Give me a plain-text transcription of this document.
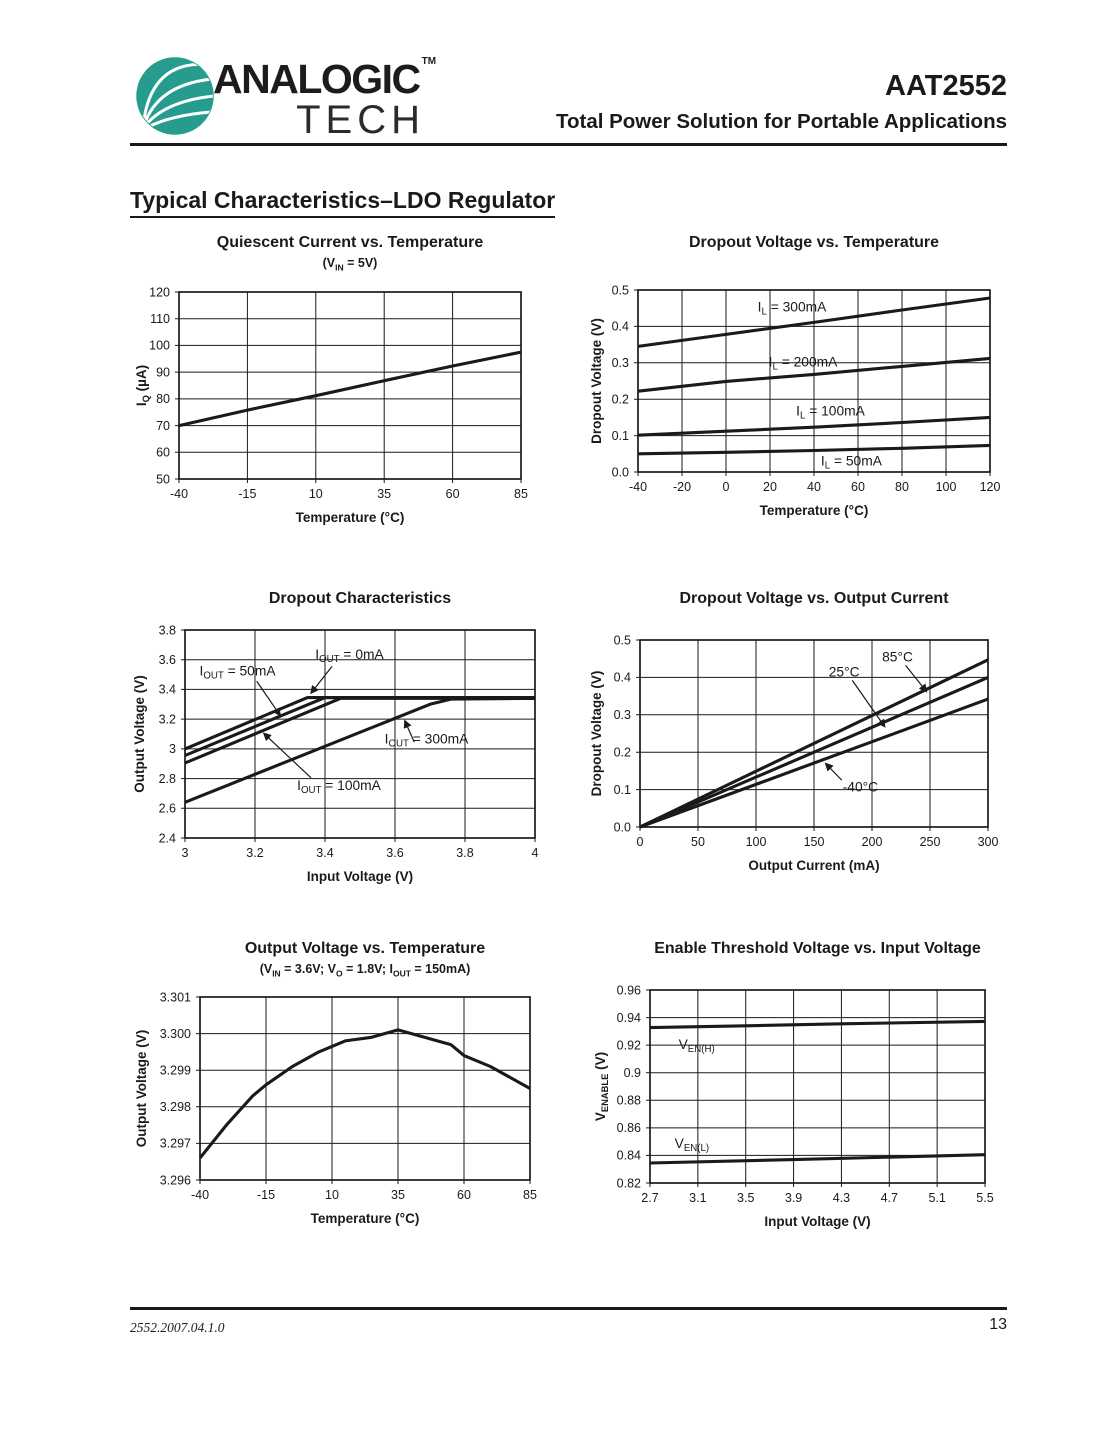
ANALOGIC ™
TECH
AAT2552
Total Power Solution for Portable Applications
Typical Characteristics–LDO Regulator
Quiescent Current vs. Temperature
$(V_{IN} = 5V)$
-40	-15	10	35	60	85
50
60
70
80
90
100
110
120
Temperature (°C)
$I_Q$ (µA)
Dropout Voltage vs. Temperature
-40 -20	0	20 40 60 80 100 120
0.0
0.1
0.2
0.3
0.4
0.5
Temperature (°C)
Dropout Voltage (V)
$I_L = 300mA$
$I_L = 200mA$
$I_L = 100mA$
$I_L = 50mA$
Dropout Characteristics
3	3.2	3.4	3.6	3.8	4
2.4
2.6
2.8
3
3.2
3.4
3.6
3.8
Input Voltage (V)
Output Voltage (V)
$I_{OUT} = 0mA$
$I_{OUT} = 50mA$
$I_{OUT} = 100mA$
$I_{OUT} = 300mA$
Dropout Voltage vs. Output Current
0	50	100	150	200	250	300
0.0
0.1
0.2
0.3
0.4
0.5
Output Current (mA)
Dropout Voltage (V)
85°C
25°C
-40°C
Output Voltage vs. Temperature
($V_{IN} = 3.6V$; $V_O = 1.8V$; $I_{OUT} = 150mA$)
-40	-15	10	35	60	85
3.296
3.297
3.298
3.299
3.300
3.301
Temperature (°C)
Output Voltage (V)
Enable Threshold Voltage vs. Input Voltage
2.7 3.1 3.5 3.9 4.3 4.7 5.1 5.5
0.82
0.84
0.86
0.88
0.9
0.92
0.94
0.96
Input Voltage (V)
$V_{ENABLE}$ (V)
$V_{EN(H)}$
$V_{EN(L)}$
2552.2007.04.1.0	13
